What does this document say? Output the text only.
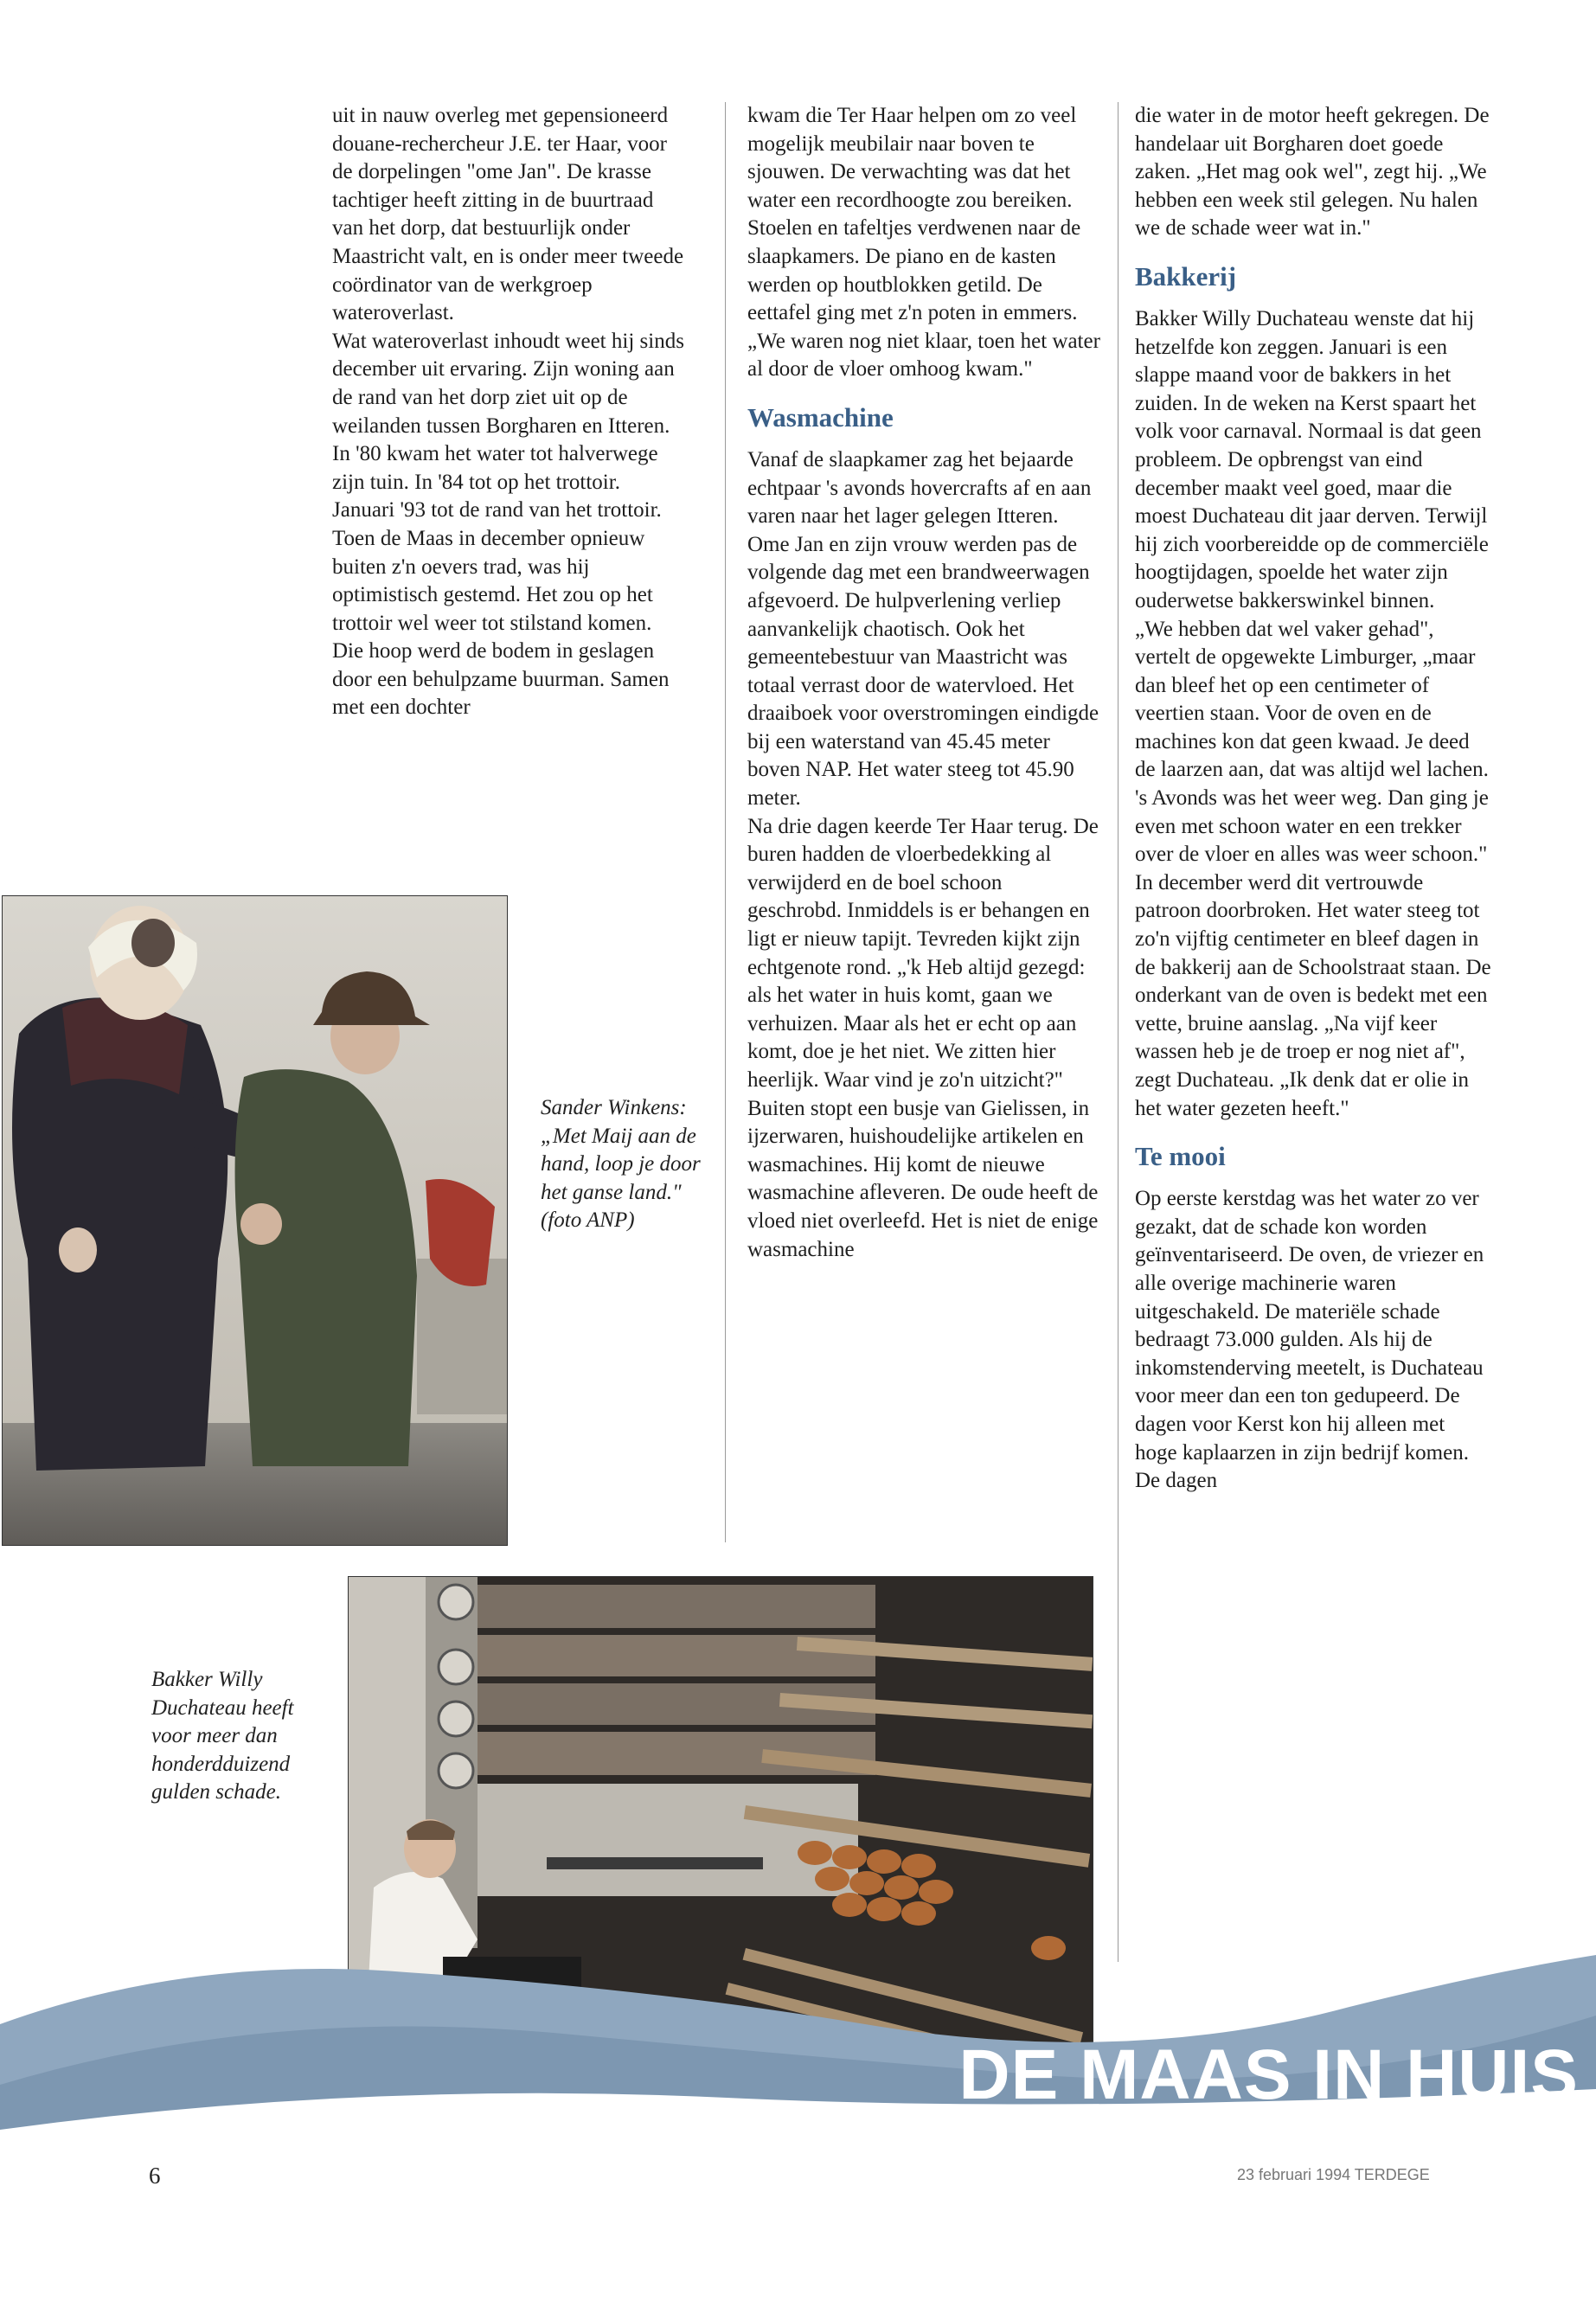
uit in nauw overleg met gepensioneerd douane-rechercheur J.E. ter Haar, voor de dorpelingen "ome Jan". De krasse tachtiger heeft zitting in de buurtraad van het dorp, dat bestuurlijk onder Maastricht valt, en is onder meer tweede coördinator van de werkgroep wateroverlast.

Wat wateroverlast inhoudt weet hij sinds december uit ervaring. Zijn woning aan de rand van het dorp ziet uit op de weilanden tussen Borgharen en Itteren. In '80 kwam het water tot halverwege zijn tuin. In '84 tot op het trottoir. Januari '93 tot de rand van het trottoir. Toen de Maas in december opnieuw buiten z'n oevers trad, was hij optimistisch gestemd. Het zou op het trottoir wel weer tot stilstand komen. Die hoop werd de bodem in geslagen door een behulpzame buurman. Samen met een dochter

kwam die Ter Haar helpen om zo veel mogelijk meubilair naar boven te sjouwen. De verwachting was dat het water een recordhoogte zou bereiken. Stoelen en tafeltjes verdwenen naar de slaapkamers. De piano en de kasten werden op houtblokken getild. De eettafel ging met z'n poten in emmers. „We waren nog niet klaar, toen het water al door de vloer omhoog kwam."

Wasmachine

Vanaf de slaapkamer zag het bejaarde echtpaar 's avonds hovercrafts af en aan varen naar het lager gelegen Itteren. Ome Jan en zijn vrouw werden pas de volgende dag met een brandweerwagen afgevoerd. De hulpverlening verliep aanvankelijk chaotisch. Ook het gemeentebestuur van Maastricht was totaal verrast door de watervloed. Het draaiboek voor overstromingen eindigde bij een waterstand van 45.45 meter boven NAP. Het water steeg tot 45.90 meter.

Na drie dagen keerde Ter Haar terug. De buren hadden de vloerbedekking al verwijderd en de boel schoon geschrobd. Inmiddels is er behangen en ligt er nieuw tapijt. Tevreden kijkt zijn echtgenote rond. „'k Heb altijd gezegd: als het water in huis komt, gaan we verhuizen. Maar als het er echt op aan komt, doe je het niet. We zitten hier heerlijk. Waar vind je zo'n uitzicht?"

Buiten stopt een busje van Gielissen, in ijzerwaren, huishoudelijke artikelen en wasmachines. Hij komt de nieuwe wasmachine afleveren. De oude heeft de vloed niet overleefd. Het is niet de enige wasmachine

die water in de motor heeft gekregen. De handelaar uit Borgharen doet goede zaken. „Het mag ook wel", zegt hij. „We hebben een week stil gelegen. Nu halen we de schade weer wat in."

Bakkerij

Bakker Willy Duchateau wenste dat hij hetzelfde kon zeggen. Januari is een slappe maand voor de bakkers in het zuiden. In de weken na Kerst spaart het volk voor carnaval. Normaal is dat geen probleem. De opbrengst van eind december maakt veel goed, maar die moest Duchateau dit jaar derven. Terwijl hij zich voorbereidde op de commerciële hoogtijdagen, spoelde het water zijn ouderwetse bakkerswinkel binnen.

„We hebben dat wel vaker gehad", vertelt de opgewekte Limburger, „maar dan bleef het op een centimeter of veertien staan. Voor de oven en de machines kon dat geen kwaad. Je deed de laarzen aan, dat was altijd wel lachen. 's Avonds was het weer weg. Dan ging je even met schoon water en een trekker over de vloer en alles was weer schoon."

In december werd dit vertrouwde patroon doorbroken. Het water steeg tot zo'n vijftig centimeter en bleef dagen in de bakkerij aan de Schoolstraat staan. De onderkant van de oven is bedekt met een vette, bruine aanslag. „Na vijf keer wassen heb je de troep er nog niet af", zegt Duchateau. „Ik denk dat er olie in het water gezeten heeft."

Te mooi

Op eerste kerstdag was het water zo ver gezakt, dat de schade kon worden geïnventariseerd. De oven, de vriezer en alle overige machinerie waren uitgeschakeld. De materiële schade bedraagt 73.000 gulden. Als hij de inkomstenderving meetelt, is Duchateau voor meer dan een ton gedupeerd. De dagen voor Kerst kon hij alleen met hoge kaplaarzen in zijn bedrijf komen. De dagen

Sander Winkens: „Met Maij aan de hand, loop je door het ganse land." (foto ANP)
Bakker Willy Duchateau heeft voor meer dan honderdduizend gulden schade.
DE MAAS IN HUIS
6	23 februari 1994 TERDEGE
